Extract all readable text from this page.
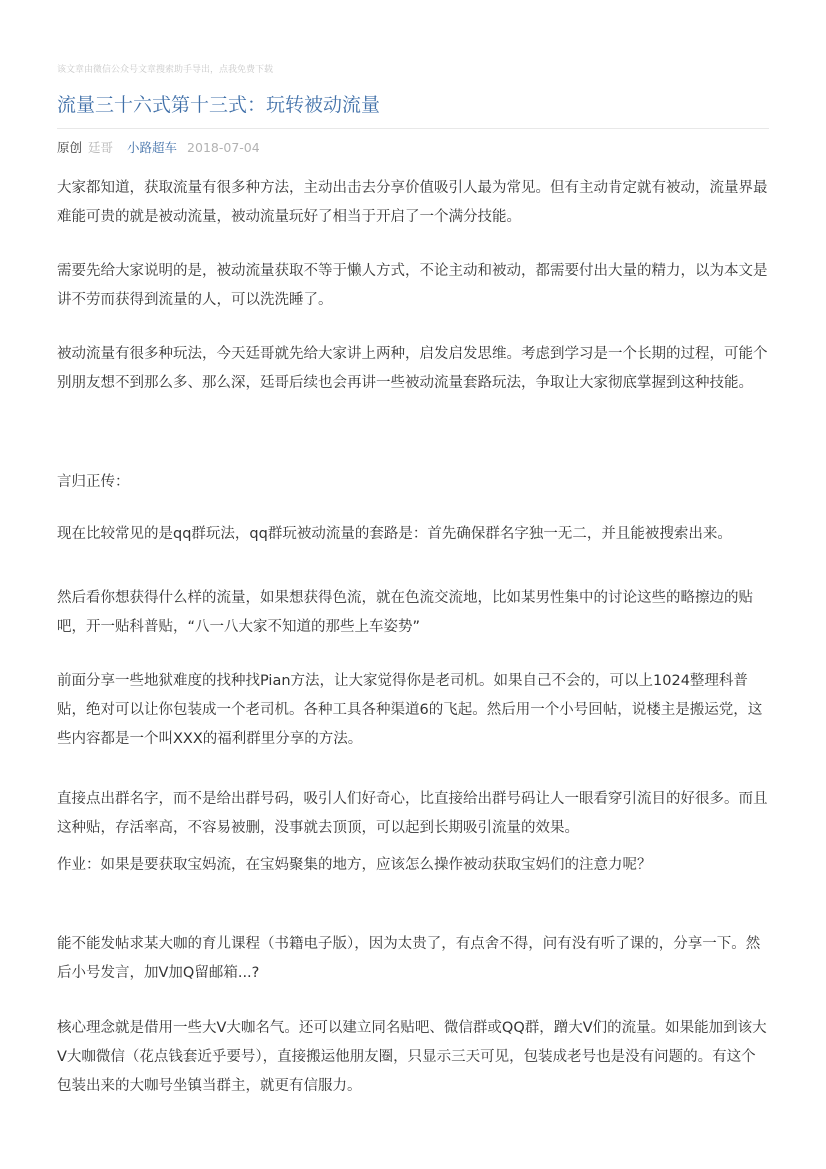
该文章由微信公众号文章搜索助手导出，点我免费下载
流量三十六式第十三式：玩转被动流量
原创 廷哥 小路超车 2018-07-04

大家都知道，获取流量有很多种方法，主动出击去分享价值吸引人最为常见。但有主动肯定就有被动，流量界最难能可贵的就是被动流量，被动流量玩好了相当于开启了一个满分技能。

需要先给大家说明的是，被动流量获取不等于懒人方式，不论主动和被动，都需要付出大量的精力，以为本文是讲不劳而获得到流量的人，可以洗洗睡了。

被动流量有很多种玩法，今天廷哥就先给大家讲上两种，启发启发思维。考虑到学习是一个长期的过程，可能个别朋友想不到那么多、那么深，廷哥后续也会再讲一些被动流量套路玩法，争取让大家彻底掌握到这种技能。

言归正传：

现在比较常见的是qq群玩法，qq群玩被动流量的套路是：首先确保群名字独一无二，并且能被搜索出来。

然后看你想获得什么样的流量，如果想获得色流，就在色流交流地，比如某男性集中的讨论这些的略擦边的贴吧，开一贴科普贴，“八一八大家不知道的那些上车姿势”

前面分享一些地狱难度的找种找Pian方法，让大家觉得你是老司机。如果自己不会的，可以上1024整理科普贴，绝对可以让你包装成一个老司机。各种工具各种渠道6的飞起。然后用一个小号回帖，说楼主是搬运党，这些内容都是一个叫XXX的福利群里分享的方法。

直接点出群名字，而不是给出群号码，吸引人们好奇心，比直接给出群号码让人一眼看穿引流目的好很多。而且这种贴，存活率高，不容易被删，没事就去顶顶，可以起到长期吸引流量的效果。

作业：如果是要获取宝妈流，在宝妈聚集的地方，应该怎么操作被动获取宝妈们的注意力呢？

能不能发帖求某大咖的育儿课程（书籍电子版），因为太贵了，有点舍不得，问有没有听了课的，分享一下。然后小号发言，加V加Q留邮箱...?

核心理念就是借用一些大V大咖名气。还可以建立同名贴吧、微信群或QQ群，蹭大V们的流量。如果能加到该大V大咖微信（花点钱套近乎要号），直接搬运他朋友圈，只显示三天可见，包装成老号也是没有问题的。有这个包装出来的大咖号坐镇当群主，就更有信服力。
